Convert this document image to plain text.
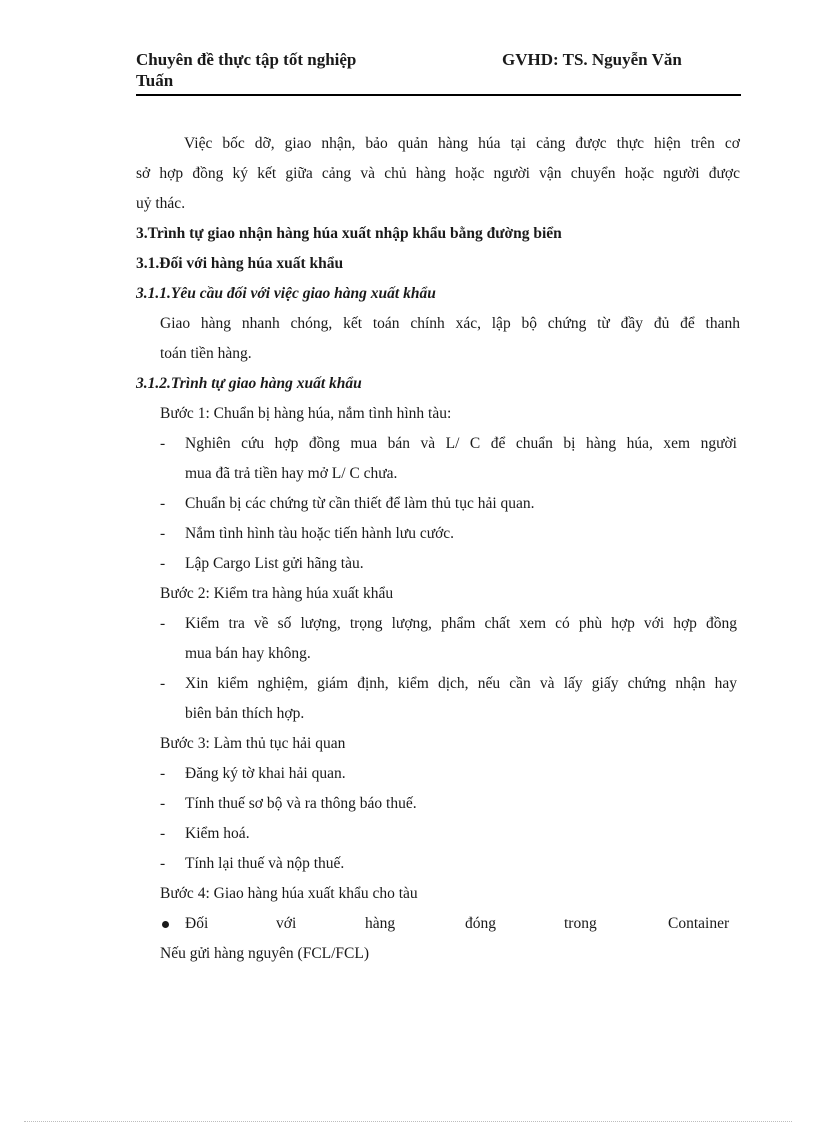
Chuyên đề thực tập tốt nghiệp	GVHD: TS. Nguyễn Văn
Tuấn
Việc bốc dỡ, giao nhận, bảo quản hàng húa tại cảng được thực hiện trên cơ
sở hợp đồng ký kết giữa cảng và chủ hàng hoặc người vận chuyển hoặc người được
uỷ thác.
3.Trình tự giao nhận hàng húa xuất nhập khẩu bằng đường biển
3.1.Đối với hàng húa xuất khẩu
3.1.1.Yêu cầu đối với việc giao hàng xuất khẩu
Giao hàng nhanh chóng, kết toán chính xác, lập bộ chứng từ đầy đủ để thanh
toán tiền hàng.
3.1.2.Trình tự giao hàng xuất khẩu
Bước 1: Chuẩn bị hàng húa, nắm tình hình tàu:
- Nghiên cứu hợp đồng mua bán và L/ C để chuẩn bị hàng húa, xem người
mua đã trả tiền hay mở L/ C chưa.
- Chuẩn bị các chứng từ cần thiết để làm thủ tục hải quan.
- Nắm tình hình tàu hoặc tiến hành lưu cước.
- Lập Cargo List gửi hãng tàu.
Bước 2: Kiểm tra hàng húa xuất khẩu
- Kiểm tra về số lượng, trọng lượng, phẩm chất xem có phù hợp với hợp đồng
mua bán hay không.
- Xin kiểm nghiệm, giám định, kiểm dịch, nếu cần và lấy giấy chứng nhận hay
biên bản thích hợp.
Bước 3: Làm thủ tục hải quan
- Đăng ký tờ khai hải quan.
- Tính thuế sơ bộ và ra thông báo thuế.
- Kiểm hoá.
- Tính lại thuế và nộp thuế.
Bước 4: Giao hàng húa xuất khẩu cho tàu
Đối	với	hàng	đóng	trong	Container
Nếu gửi hàng nguyên (FCL/FCL)
